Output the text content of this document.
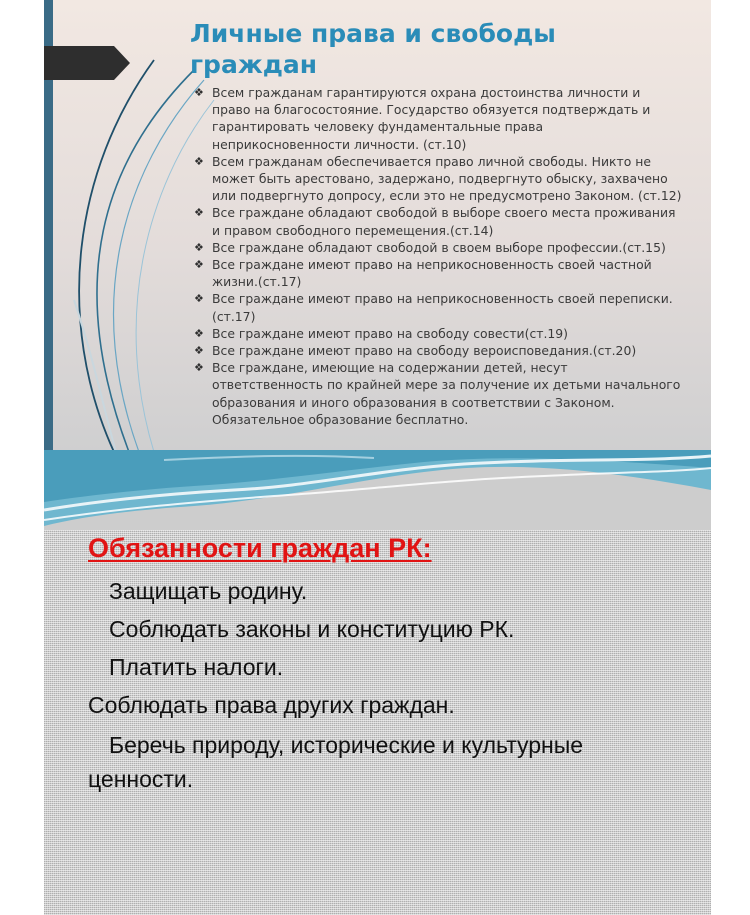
Личные права и свободы граждан
❖ Всем гражданам гарантируются охрана достоинства личности и право на благосостояние. Государство обязуется подтверждать и гарантировать человеку фундаментальные права неприкосновенности личности. (ст.10)
❖ Всем гражданам обеспечивается право личной свободы. Никто не может быть арестовано, задержано, подвергнуто обыску, захвачено или подвергнуто допросу, если это не предусмотрено Законом. (ст.12)
❖ Все граждане обладают свободой в выборе своего места проживания и правом свободного перемещения.(ст.14)
❖ Все граждане обладают свободой в своем выборе профессии.(ст.15)
❖ Все граждане имеют право на неприкосновенность своей частной жизни.(ст.17)
❖ Все граждане имеют право на неприкосновенность своей переписки.(ст.17)
❖ Все граждане имеют право на свободу совести(ст.19)
❖ Все граждане имеют право на свободу вероисповедания.(ст.20)
❖ Все граждане, имеющие на содержании детей, несут ответственность по крайней мере за получение их детьми начального образования и иного образования в соответствии с Законом. Обязательное образование бесплатно.
Обязанности граждан РК:

Защищать родину.

Соблюдать законы и конституцию РК.

Платить налоги.

Соблюдать права других граждан.

Беречь природу, исторические и культурные ценности.
